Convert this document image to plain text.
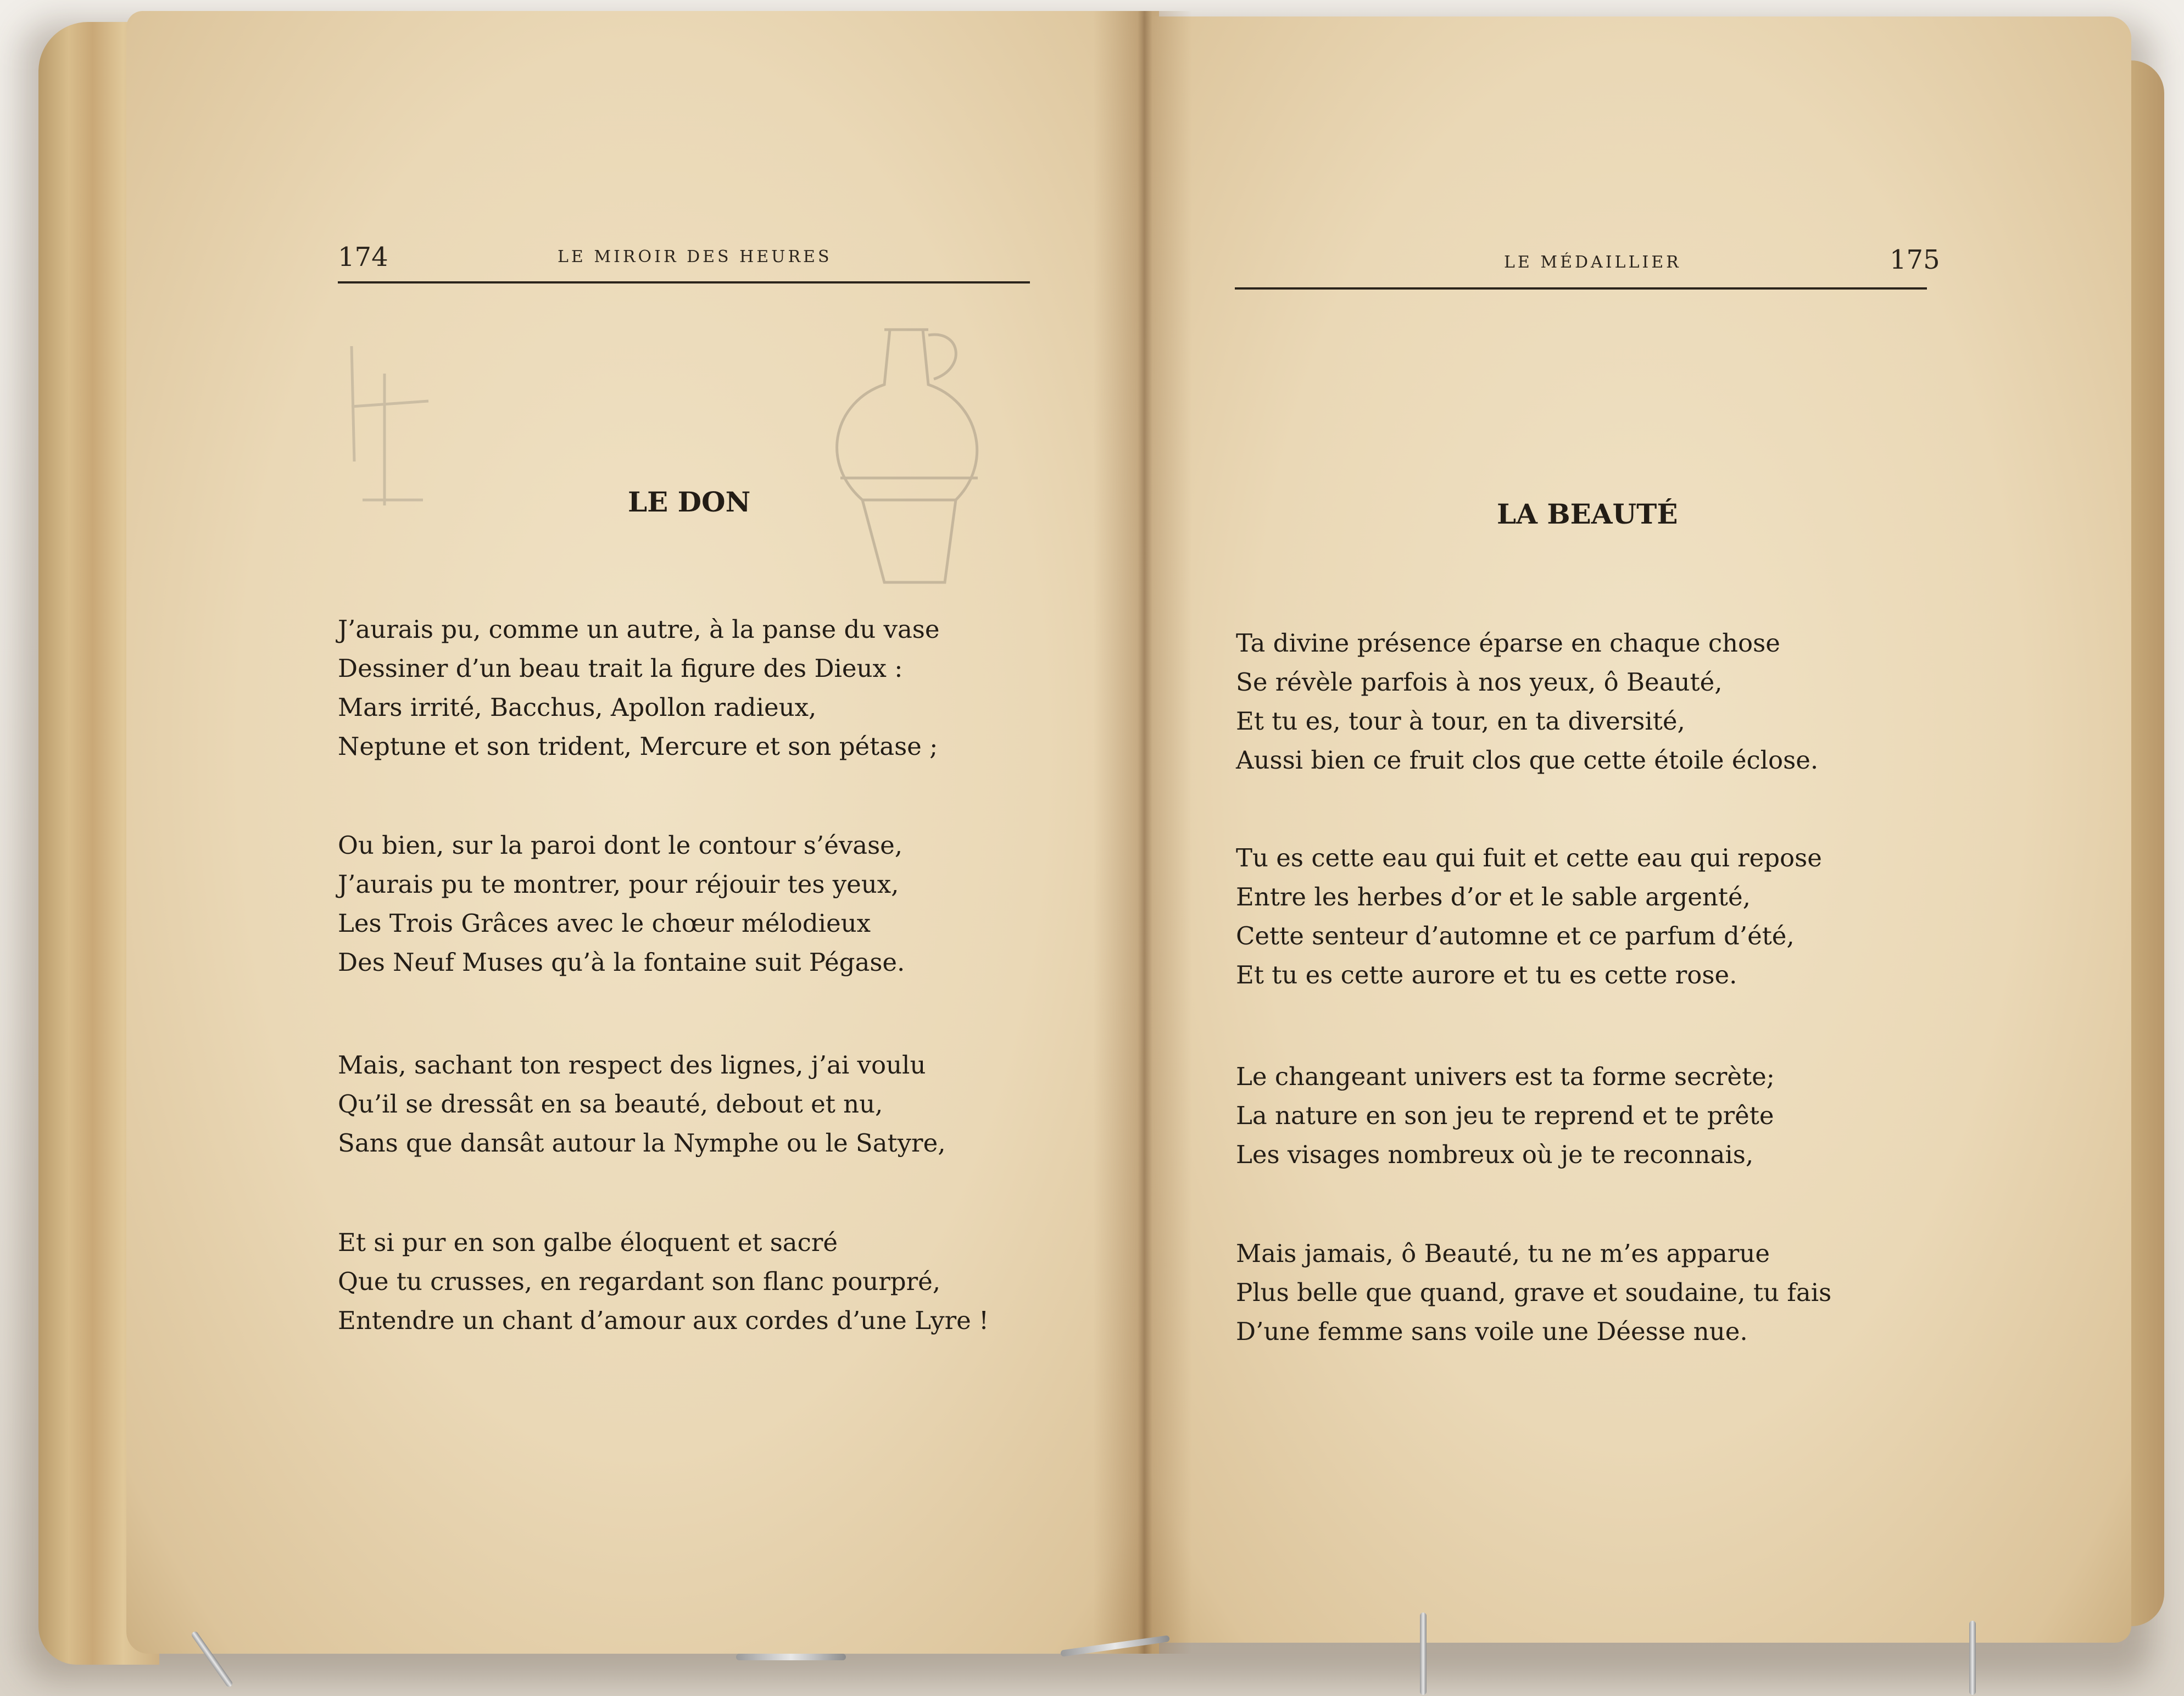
174	LE MIROIR DES HEURES
LE DON
J’aurais pu, comme un autre, à la panse du vase
Dessiner d’un beau trait la figure des Dieux :
Mars irrité, Bacchus, Apollon radieux,
Neptune et son trident, Mercure et son pétase ;
Ou bien, sur la paroi dont le contour s’évase,
J’aurais pu te montrer, pour réjouir tes yeux,
Les Trois Grâces avec le chœur mélodieux
Des Neuf Muses qu’à la fontaine suit Pégase.
Mais, sachant ton respect des lignes, j’ai voulu
Qu’il se dressât en sa beauté, debout et nu,
Sans que dansât autour la Nymphe ou le Satyre,
Et si pur en son galbe éloquent et sacré
Que tu crusses, en regardant son flanc pourpré,
Entendre un chant d’amour aux cordes d’une Lyre !
LE MÉDAILLIER	175
LA BEAUTÉ
Ta divine présence éparse en chaque chose
Se révèle parfois à nos yeux, ô Beauté,
Et tu es, tour à tour, en ta diversité,
Aussi bien ce fruit clos que cette étoile éclose.
Tu es cette eau qui fuit et cette eau qui repose
Entre les herbes d’or et le sable argenté,
Cette senteur d’automne et ce parfum d’été,
Et tu es cette aurore et tu es cette rose.
Le changeant univers est ta forme secrète;
La nature en son jeu te reprend et te prête
Les visages nombreux où je te reconnais,
Mais jamais, ô Beauté, tu ne m’es apparue
Plus belle que quand, grave et soudaine, tu fais
D’une femme sans voile une Déesse nue.
